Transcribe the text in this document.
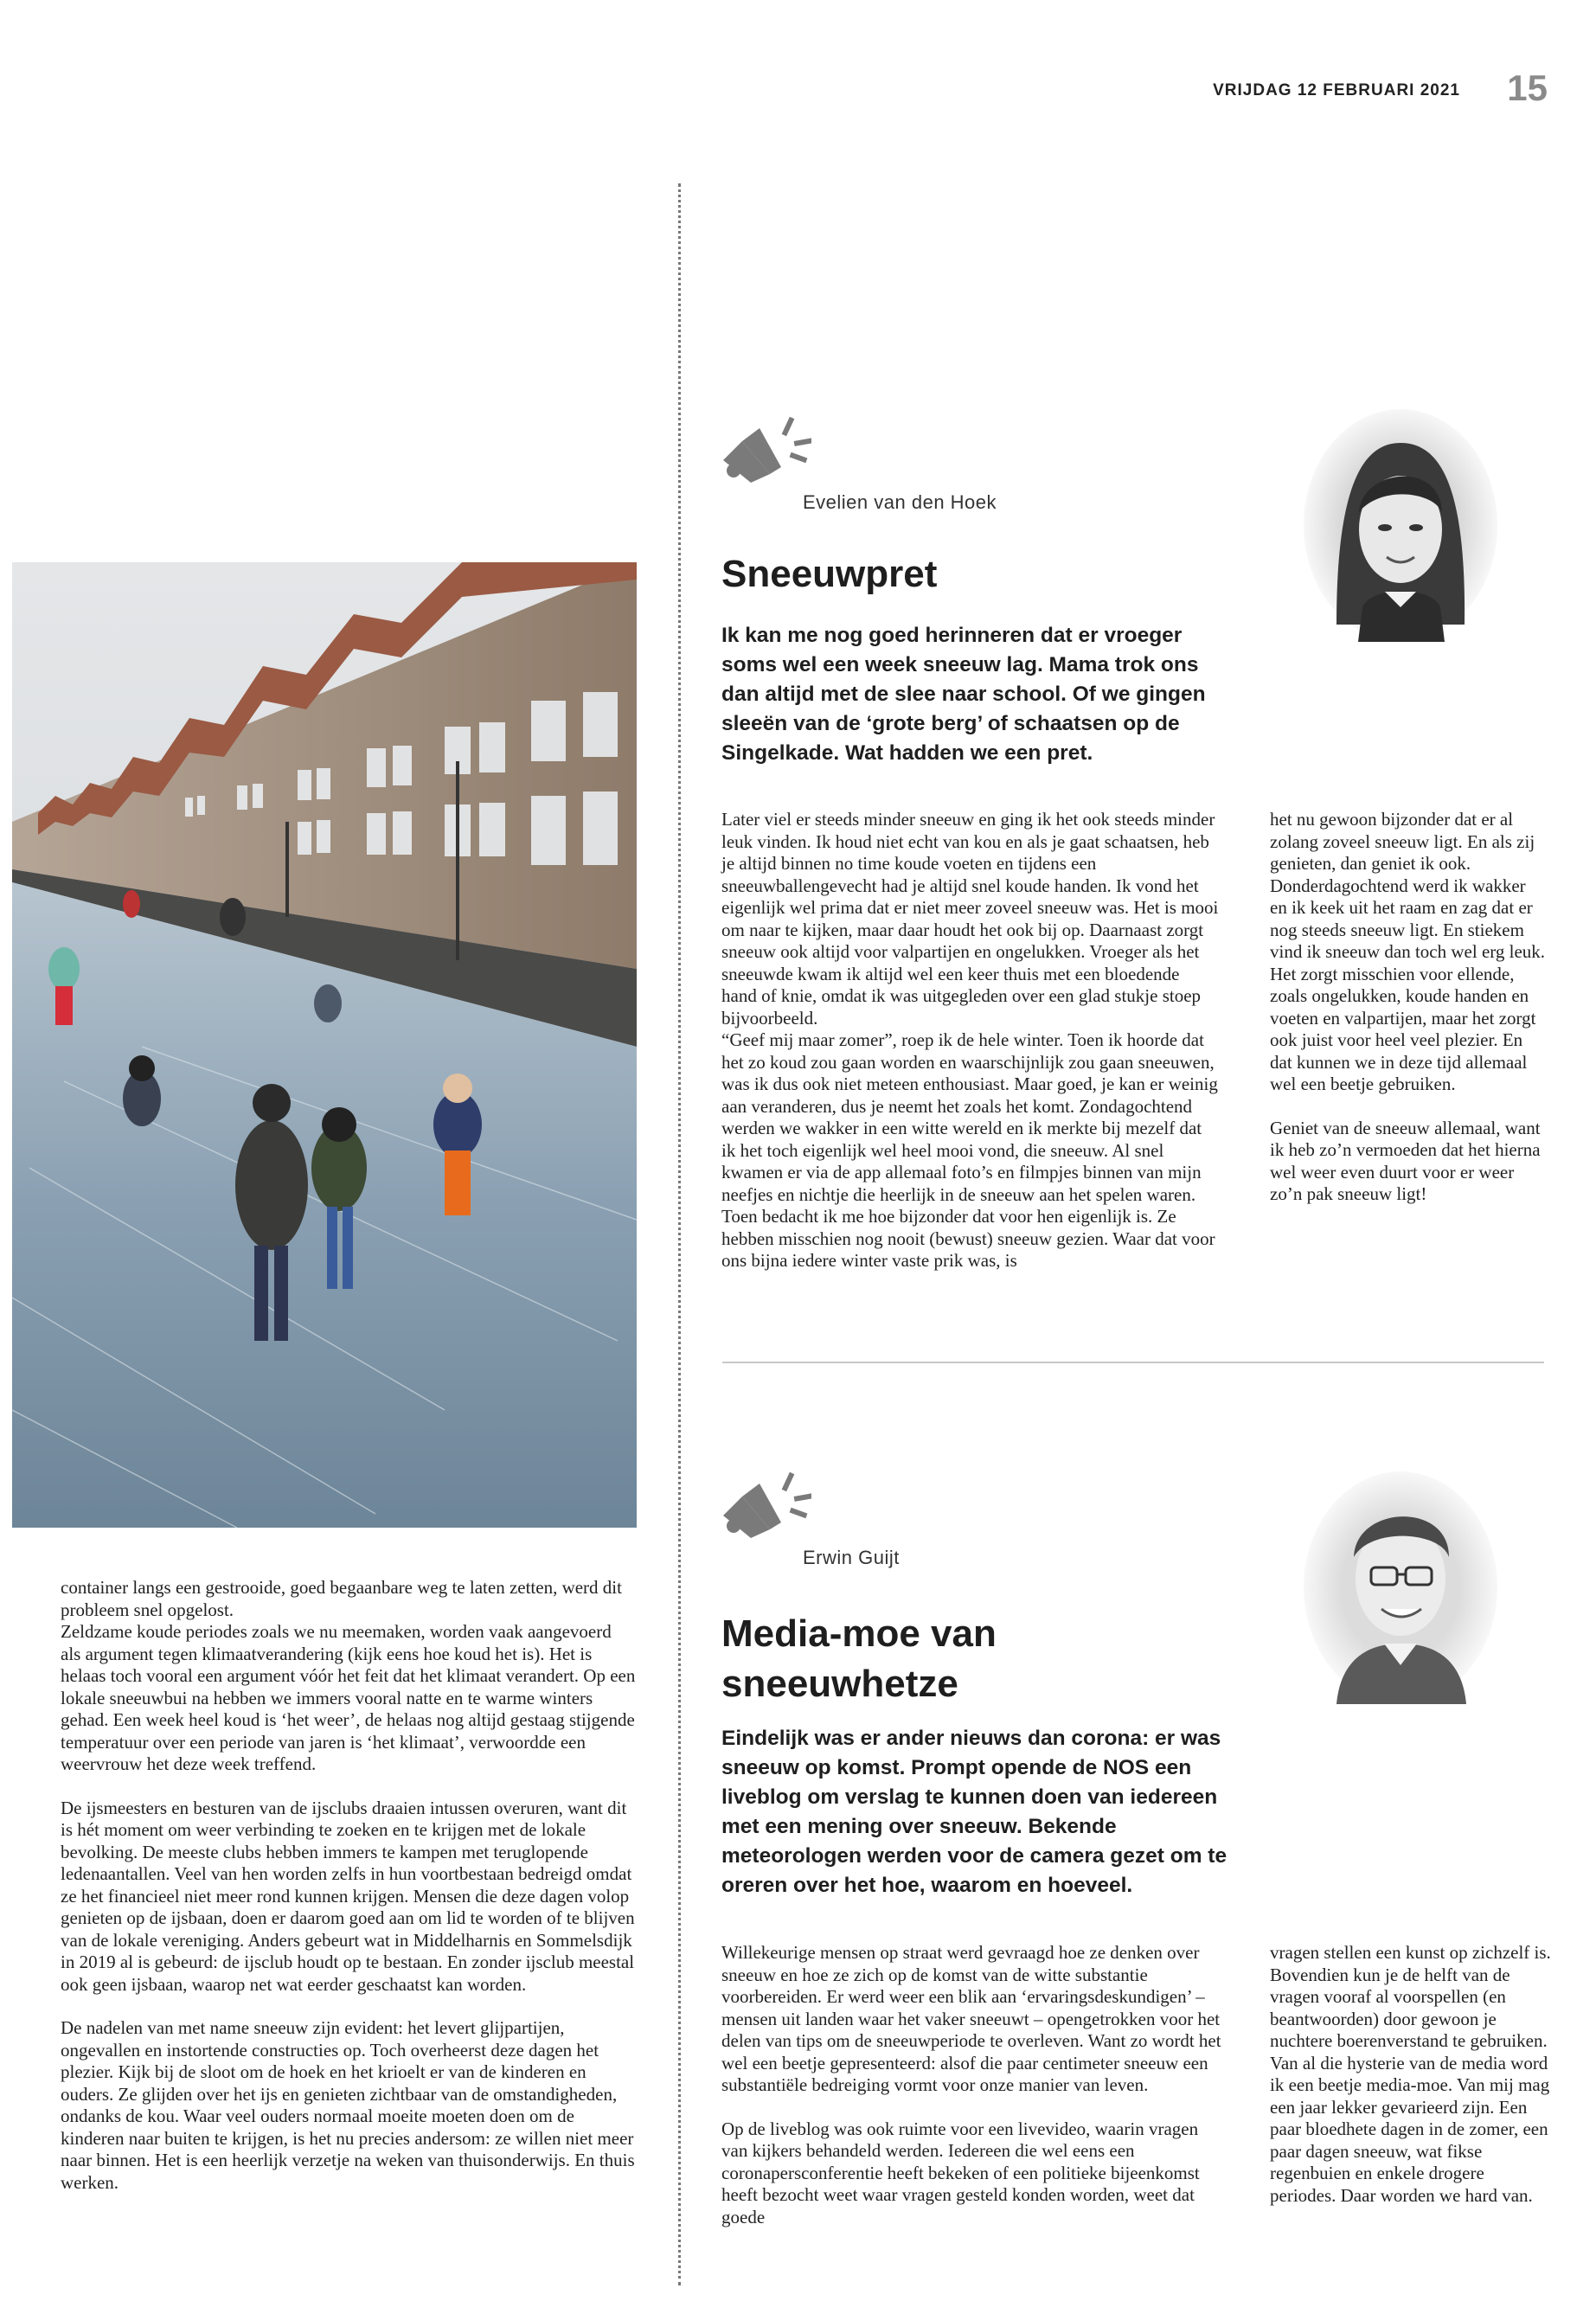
VRIJDAG 12 FEBRUARI 2021 15

container langs een gestrooide, goed begaanbare weg te laten zetten, werd dit probleem snel opgelost.
Zeldzame koude periodes zoals we nu meemaken, worden vaak aangevoerd als argument tegen klimaatverandering (kijk eens hoe koud het is). Het is helaas toch vooral een argument vóór het feit dat het klimaat verandert. Op een lokale sneeuwbui na hebben we immers vooral natte en te warme winters gehad. Een week heel koud is ‘het weer’, de helaas nog altijd gestaag stijgende temperatuur over een periode van jaren is ‘het klimaat’, verwoordde een weervrouw het deze week treffend.

De ijsmeesters en besturen van de ijsclubs draaien intussen overuren, want dit is hét moment om weer verbinding te zoeken en te krijgen met de lokale bevolking. De meeste clubs hebben immers te kampen met teruglopende ledenaantallen. Veel van hen worden zelfs in hun voortbestaan bedreigd omdat ze het financieel niet meer rond kunnen krijgen. Mensen die deze dagen volop genieten op de ijsbaan, doen er daarom goed aan om lid te worden of te blijven van de lokale vereniging. Anders gebeurt wat in Middelharnis en Sommelsdijk in 2019 al is gebeurd: de ijsclub houdt op te bestaan. En zonder ijsclub meestal ook geen ijsbaan, waarop net wat eerder geschaatst kan worden.

De nadelen van met name sneeuw zijn evident: het levert glijpartijen, ongevallen en instortende constructies op. Toch overheerst deze dagen het plezier. Kijk bij de sloot om de hoek en het krioelt er van de kinderen en ouders. Ze glijden over het ijs en genieten zichtbaar van de omstandigheden, ondanks de kou. Waar veel ouders normaal moeite moeten doen om de kinderen naar buiten te krijgen, is het nu precies andersom: ze willen niet meer naar binnen. Het is een heerlijk verzetje na weken van thuisonderwijs. En thuis werken.

Evelien van den Hoek
Sneeuwpret
Ik kan me nog goed herinneren dat er vroeger soms wel een week sneeuw lag. Mama trok ons dan altijd met de slee naar school. Of we gingen sleeën van de ‘grote berg’ of schaatsen op de Singelkade. Wat hadden we een pret.

Later viel er steeds minder sneeuw en ging ik het ook steeds minder leuk vinden. Ik houd niet echt van kou en als je gaat schaatsen, heb je altijd binnen no time koude voeten en tijdens een sneeuwballengevecht had je altijd snel koude handen. Ik vond het eigenlijk wel prima dat er niet meer zoveel sneeuw was. Het is mooi om naar te kijken, maar daar houdt het ook bij op. Daarnaast zorgt sneeuw ook altijd voor valpartijen en ongelukken. Vroeger als het sneeuwde kwam ik altijd wel een keer thuis met een bloedende hand of knie, omdat ik was uitgegleden over een glad stukje stoep bijvoorbeeld.
“Geef mij maar zomer”, roep ik de hele winter. Toen ik hoorde dat het zo koud zou gaan worden en waarschijnlijk zou gaan sneeuwen, was ik dus ook niet meteen enthousiast. Maar goed, je kan er weinig aan veranderen, dus je neemt het zoals het komt. Zondagochtend werden we wakker in een witte wereld en ik merkte bij mezelf dat ik het toch eigenlijk wel heel mooi vond, die sneeuw. Al snel kwamen er via de app allemaal foto’s en filmpjes binnen van mijn neefjes en nichtje die heerlijk in de sneeuw aan het spelen waren. Toen bedacht ik me hoe bijzonder dat voor hen eigenlijk is. Ze hebben misschien nog nooit (bewust) sneeuw gezien. Waar dat voor ons bijna iedere winter vaste prik was, is

het nu gewoon bijzonder dat er al zolang zoveel sneeuw ligt. En als zij genieten, dan geniet ik ook. Donderdagochtend werd ik wakker en ik keek uit het raam en zag dat er nog steeds sneeuw ligt. En stiekem vind ik sneeuw dan toch wel erg leuk. Het zorgt misschien voor ellende, zoals ongelukken, koude handen en voeten en valpartijen, maar het zorgt ook juist voor heel veel plezier. En dat kunnen we in deze tijd allemaal wel een beetje gebruiken.

Geniet van de sneeuw allemaal, want ik heb zo’n vermoeden dat het hierna wel weer even duurt voor er weer zo’n pak sneeuw ligt!

Erwin Guijt
Media-moe van
sneeuwhetze
Eindelijk was er ander nieuws dan corona: er was sneeuw op komst. Prompt opende de NOS een liveblog om verslag te kunnen doen van iedereen met een mening over sneeuw. Bekende meteorologen werden voor de camera gezet om te oreren over het hoe, waarom en hoeveel.

Willekeurige mensen op straat werd gevraagd hoe ze denken over sneeuw en hoe ze zich op de komst van de witte substantie voorbereiden. Er werd weer een blik aan ‘ervaringsdeskundigen’ – mensen uit landen waar het vaker sneeuwt – opengetrokken voor het delen van tips om de sneeuwperiode te overleven. Want zo wordt het wel een beetje gepresenteerd: alsof die paar centimeter sneeuw een substantiële bedreiging vormt voor onze manier van leven.

Op de liveblog was ook ruimte voor een livevideo, waarin vragen van kijkers behandeld werden. Iedereen die wel eens een coronapersconferentie heeft bekeken of een politieke bijeenkomst heeft bezocht weet waar vragen gesteld konden worden, weet dat goede

vragen stellen een kunst op zichzelf is. Bovendien kun je de helft van de vragen vooraf al voorspellen (en beantwoorden) door gewoon je nuchtere boerenverstand te gebruiken. Van al die hysterie van de media word ik een beetje media-moe. Van mij mag een jaar lekker gevarieerd zijn. Een paar bloedhete dagen in de zomer, een paar dagen sneeuw, wat fikse regenbuien en enkele drogere periodes. Daar worden we hard van.
